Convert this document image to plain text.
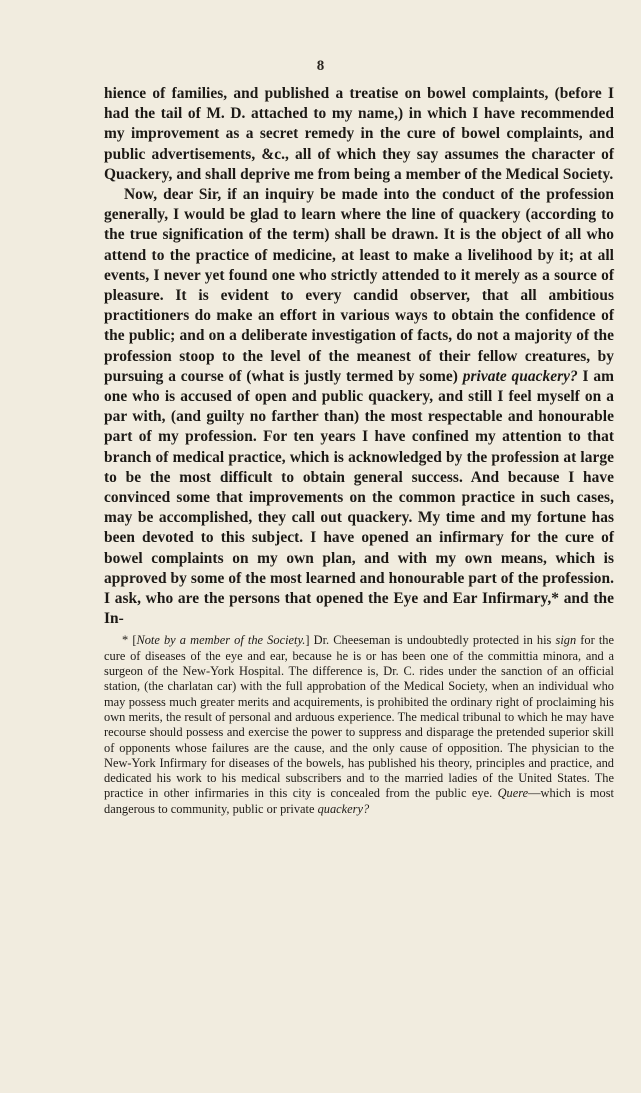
8

hience of families, and published a treatise on bowel complaints, (before I had the tail of M. D. attached to my name,) in which I have recommended my improvement as a secret remedy in the cure of bowel complaints, and public advertisements, &c., all of which they say assumes the character of Quackery, and shall deprive me from being a member of the Medical Society.

Now, dear Sir, if an inquiry be made into the conduct of the profession generally, I would be glad to learn where the line of quackery (according to the true signification of the term) shall be drawn. It is the object of all who attend to the practice of medicine, at least to make a livelihood by it; at all events, I never yet found one who strictly attended to it merely as a source of pleasure. It is evident to every candid observer, that all ambitious practitioners do make an effort in various ways to obtain the confidence of the public; and on a deliberate investigation of facts, do not a majority of the profession stoop to the level of the meanest of their fellow creatures, by pursuing a course of (what is justly termed by some) private quackery? I am one who is accused of open and public quackery, and still I feel myself on a par with, (and guilty no farther than) the most respectable and honourable part of my profession. For ten years I have confined my attention to that branch of medical practice, which is acknowledged by the profession at large to be the most difficult to obtain general success. And because I have convinced some that improvements on the common practice in such cases, may be accomplished, they call out quackery. My time and my fortune has been devoted to this subject. I have opened an infirmary for the cure of bowel complaints on my own plan, and with my own means, which is approved by some of the most learned and honourable part of the profession. I ask, who are the persons that opened the Eye and Ear Infirmary,* and the In-

* [Note by a member of the Society.] Dr. Cheeseman is undoubtedly protected in his sign for the cure of diseases of the eye and ear, because he is or has been one of the committia minora, and a surgeon of the New-York Hospital. The difference is, Dr. C. rides under the sanction of an official station, (the charlatan car) with the full approbation of the Medical Society, when an individual who may possess much greater merits and acquirements, is prohibited the ordinary right of proclaiming his own merits, the result of personal and arduous experience. The medical tribunal to which he may have recourse should possess and exercise the power to suppress and disparage the pretended superior skill of opponents whose failures are the cause, and the only cause of opposition. The physician to the New-York Infirmary for diseases of the bowels, has published his theory, principles and practice, and dedicated his work to his medical subscribers and to the married ladies of the United States. The practice in other infirmaries in this city is concealed from the public eye. Quere—which is most dangerous to community, public or private quackery?
